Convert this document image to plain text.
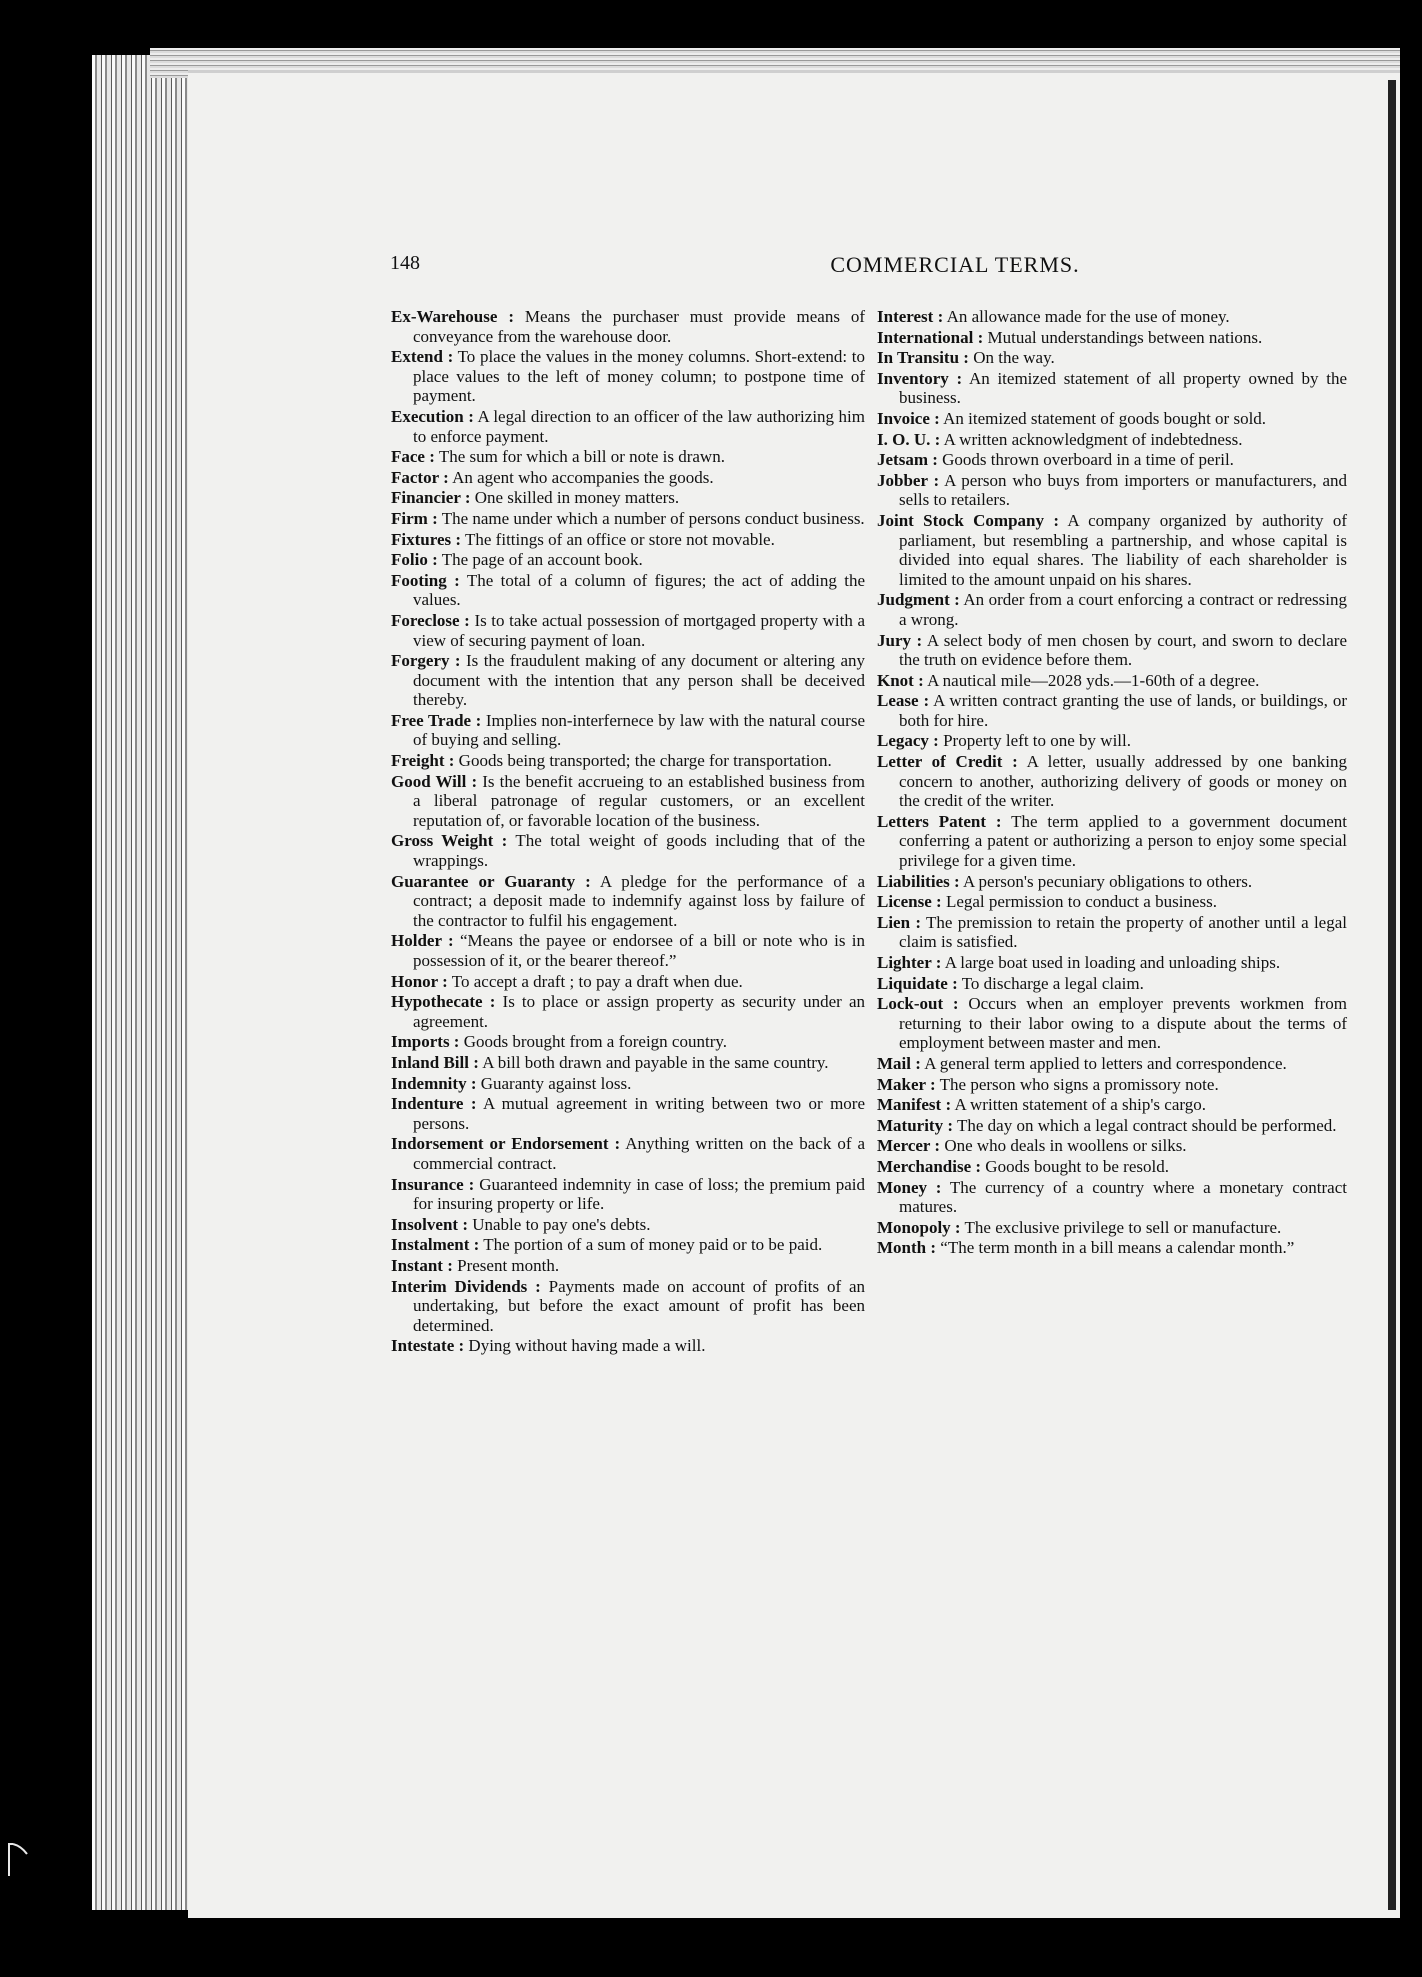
148	COMMERCIAL TERMS.

Ex-Warehouse : Means the purchaser must provide means of conveyance from the warehouse door.

Extend : To place the values in the money columns. Short-extend: to place values to the left of money column; to postpone time of payment.

Execution : A legal direction to an officer of the law authorizing him to enforce payment.

Face : The sum for which a bill or note is drawn.

Factor : An agent who accompanies the goods.

Financier : One skilled in money matters.

Firm : The name under which a number of persons conduct business.

Fixtures : The fittings of an office or store not movable.

Folio : The page of an account book.

Footing : The total of a column of figures; the act of adding the values.

Foreclose : Is to take actual possession of mortgaged property with a view of securing payment of loan.

Forgery : Is the fraudulent making of any document or altering any document with the intention that any person shall be deceived thereby.

Free Trade : Implies non-interfernece by law with the natural course of buying and selling.

Freight : Goods being transported; the charge for transportation.

Good Will : Is the benefit accrueing to an established business from a liberal patronage of regular customers, or an excellent reputation of, or favorable location of the business.

Gross Weight : The total weight of goods including that of the wrappings.

Guarantee or Guaranty : A pledge for the performance of a contract; a deposit made to indemnify against loss by failure of the contractor to fulfil his engagement.

Holder : “Means the payee or endorsee of a bill or note who is in possession of it, or the bearer thereof.”

Honor : To accept a draft ; to pay a draft when due.

Hypothecate : Is to place or assign property as security under an agreement.

Imports : Goods brought from a foreign country.

Inland Bill : A bill both drawn and payable in the same country.

Indemnity : Guaranty against loss.

Indenture : A mutual agreement in writing between two or more persons.

Indorsement or Endorsement : Anything written on the back of a commercial contract.

Insurance : Guaranteed indemnity in case of loss; the premium paid for insuring property or life.

Insolvent : Unable to pay one's debts.

Instalment : The portion of a sum of money paid or to be paid.

Instant : Present month.

Interim Dividends : Payments made on account of profits of an undertaking, but before the exact amount of profit has been determined.

Intestate : Dying without having made a will.

Interest : An allowance made for the use of money.

International : Mutual understandings between nations.

In Transitu : On the way.

Inventory : An itemized statement of all property owned by the business.

Invoice : An itemized statement of goods bought or sold.

I. O. U. : A written acknowledgment of indebtedness.

Jetsam : Goods thrown overboard in a time of peril.

Jobber : A person who buys from importers or manufacturers, and sells to retailers.

Joint Stock Company : A company organized by authority of parliament, but resembling a partnership, and whose capital is divided into equal shares. The liability of each shareholder is limited to the amount unpaid on his shares.

Judgment : An order from a court enforcing a contract or redressing a wrong.

Jury : A select body of men chosen by court, and sworn to declare the truth on evidence before them.

Knot : A nautical mile—2028 yds.—1-60th of a degree.

Lease : A written contract granting the use of lands, or buildings, or both for hire.

Legacy : Property left to one by will.

Letter of Credit : A letter, usually addressed by one banking concern to another, authorizing delivery of goods or money on the credit of the writer.

Letters Patent : The term applied to a government document conferring a patent or authorizing a person to enjoy some special privilege for a given time.

Liabilities : A person's pecuniary obligations to others.

License : Legal permission to conduct a business.

Lien : The premission to retain the property of another until a legal claim is satisfied.

Lighter : A large boat used in loading and unloading ships.

Liquidate : To discharge a legal claim.

Lock-out : Occurs when an employer prevents workmen from returning to their labor owing to a dispute about the terms of employment between master and men.

Mail : A general term applied to letters and correspondence.

Maker : The person who signs a promissory note.

Manifest : A written statement of a ship's cargo.

Maturity : The day on which a legal contract should be performed.

Mercer : One who deals in woollens or silks.

Merchandise : Goods bought to be resold.

Money : The currency of a country where a monetary contract matures.

Monopoly : The exclusive privilege to sell or manufacture.

Month : “The term month in a bill means a calendar month.”
